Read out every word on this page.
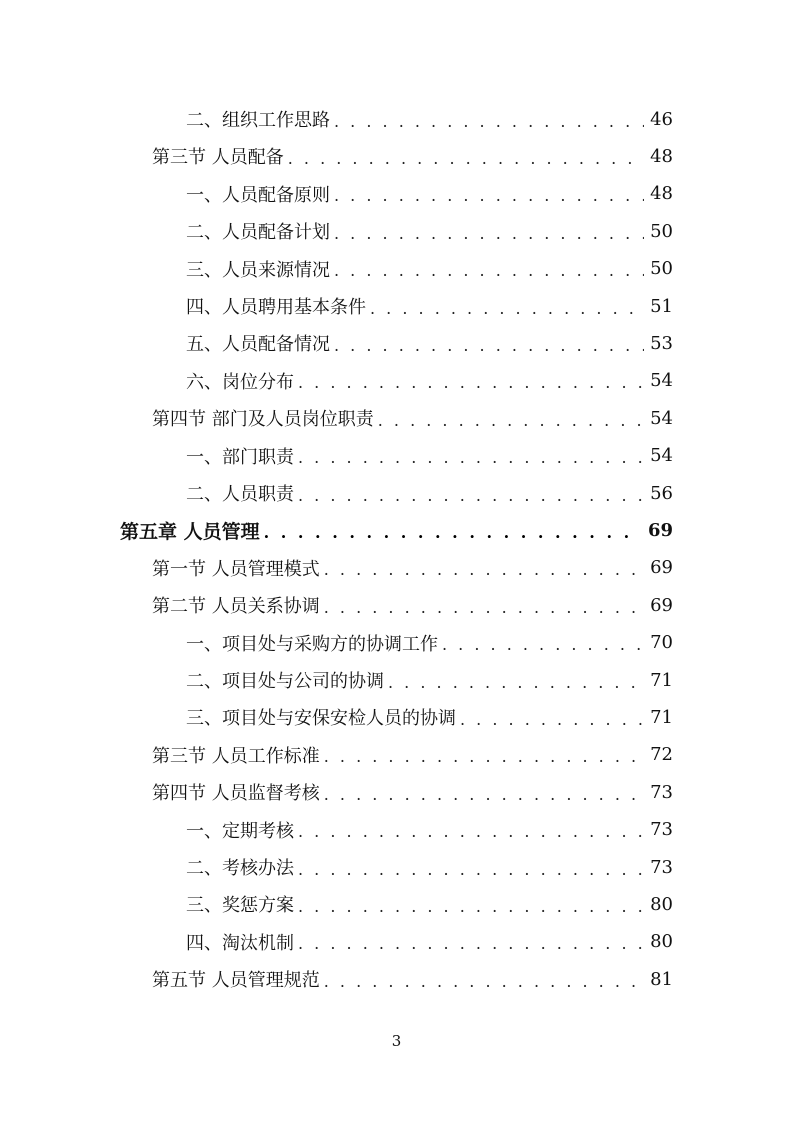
二、组织工作思路 . . .	46
第三节 人员配备 . . .	48
一、人员配备原则 . . .	48
二、人员配备计划 . . .	50
三、人员来源情况 . . .	50
四、人员聘用基本条件 . . .	51
五、人员配备情况 . . .	53
六、岗位分布 . . .	54
第四节 部门及人员岗位职责 . . .	54
一、部门职责 . . .	54
二、人员职责 . . .	56
第五章 人员管理 . . .	69
第一节 人员管理模式 . . .	69
第二节 人员关系协调 . . .	69
一、项目处与采购方的协调工作 . . .	70
二、项目处与公司的协调 . . .	71
三、项目处与安保安检人员的协调 . . .	71
第三节 人员工作标准 . . .	72
第四节 人员监督考核 . . .	73
一、定期考核 . . .	73
二、考核办法 . . .	73
三、奖惩方案 . . .	80
四、淘汰机制 . . .	80
第五节 人员管理规范 . . .	81
3
